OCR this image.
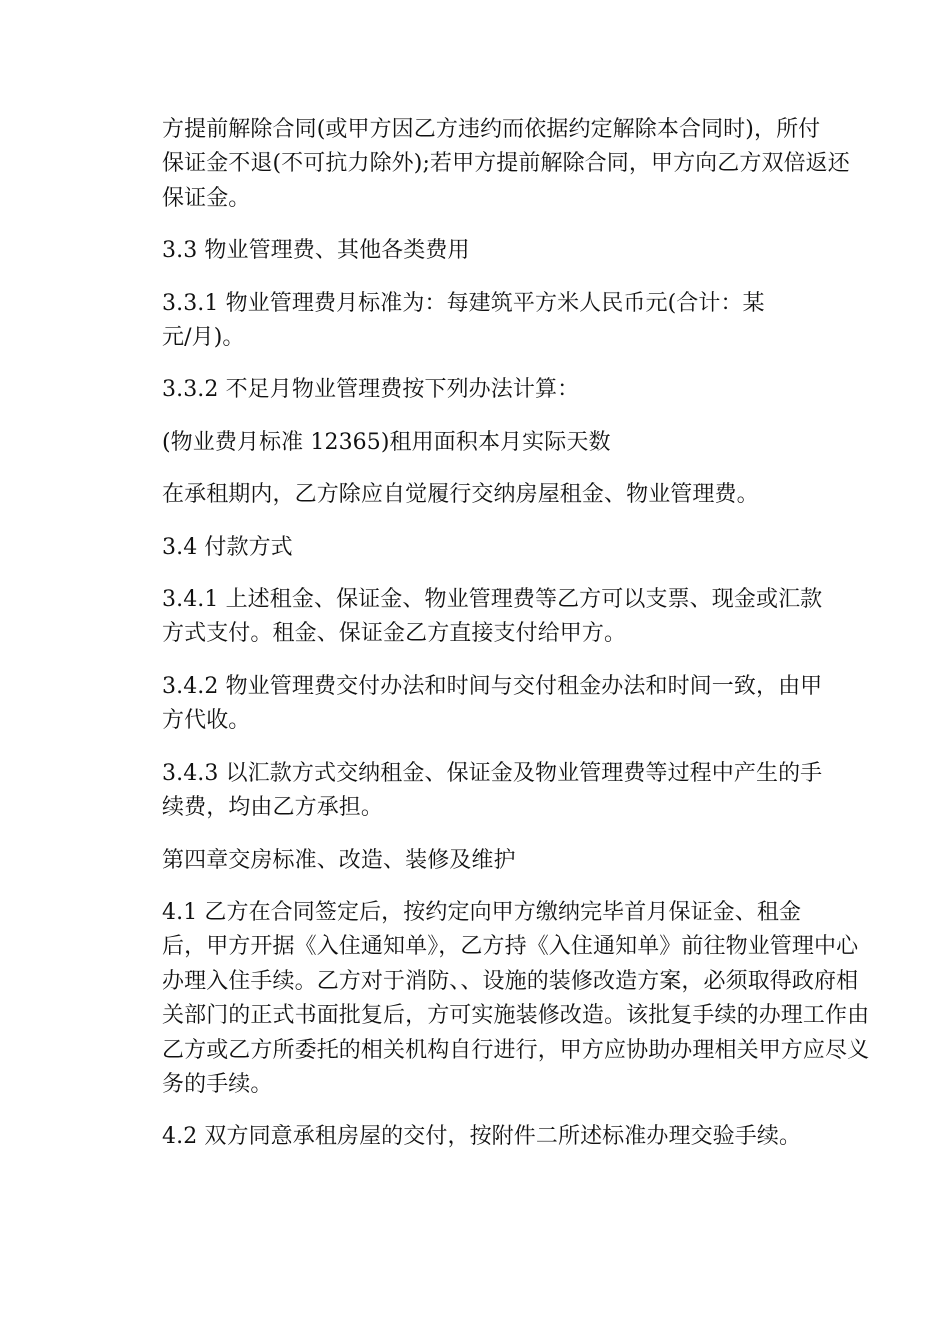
方提前解除合同(或甲方因乙方违约而依据约定解除本合同时)，所付
保证金不退(不可抗力除外);若甲方提前解除合同，甲方向乙方双倍返还
保证金。

3.3 物业管理费、其他各类费用

3.3.1 物业管理费月标准为：每建筑平方米人民币元(合计：某
元/月)。

3.3.2 不足月物业管理费按下列办法计算：

(物业费月标准 12365)租用面积本月实际天数

在承租期内，乙方除应自觉履行交纳房屋租金、物业管理费。

3.4 付款方式

3.4.1 上述租金、保证金、物业管理费等乙方可以支票、现金或汇款
方式支付。租金、保证金乙方直接支付给甲方。

3.4.2 物业管理费交付办法和时间与交付租金办法和时间一致，由甲
方代收。

3.4.3 以汇款方式交纳租金、保证金及物业管理费等过程中产生的手
续费，均由乙方承担。

第四章交房标准、改造、装修及维护

4.1 乙方在合同签定后，按约定向甲方缴纳完毕首月保证金、租金
后，甲方开据《入住通知单》，乙方持《入住通知单》前往物业管理中心
办理入住手续。乙方对于消防、、设施的装修改造方案，必须取得政府相
关部门的正式书面批复后，方可实施装修改造。该批复手续的办理工作由
乙方或乙方所委托的相关机构自行进行，甲方应协助办理相关甲方应尽义
务的手续。

4.2 双方同意承租房屋的交付，按附件二所述标准办理交验手续。
